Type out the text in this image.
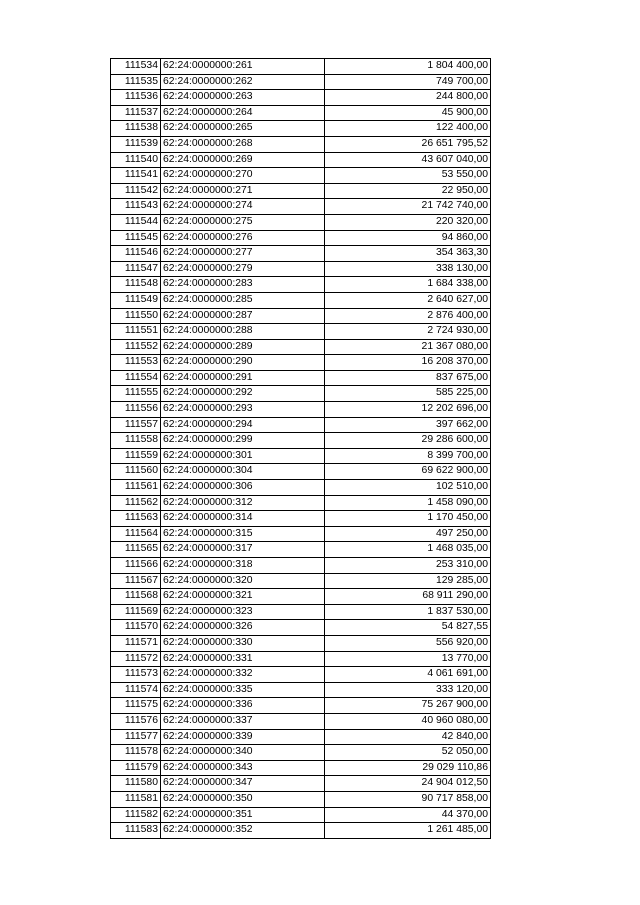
111534	62:24:0000000:261	1 804 400,00
111535	62:24:0000000:262	749 700,00
111536	62:24:0000000:263	244 800,00
111537	62:24:0000000:264	45 900,00
111538	62:24:0000000:265	122 400,00
111539	62:24:0000000:268	26 651 795,52
111540	62:24:0000000:269	43 607 040,00
111541	62:24:0000000:270	53 550,00
111542	62:24:0000000:271	22 950,00
111543	62:24:0000000:274	21 742 740,00
111544	62:24:0000000:275	220 320,00
111545	62:24:0000000:276	94 860,00
111546	62:24:0000000:277	354 363,30
111547	62:24:0000000:279	338 130,00
111548	62:24:0000000:283	1 684 338,00
111549	62:24:0000000:285	2 640 627,00
111550	62:24:0000000:287	2 876 400,00
111551	62:24:0000000:288	2 724 930,00
111552	62:24:0000000:289	21 367 080,00
111553	62:24:0000000:290	16 208 370,00
111554	62:24:0000000:291	837 675,00
111555	62:24:0000000:292	585 225,00
111556	62:24:0000000:293	12 202 696,00
111557	62:24:0000000:294	397 662,00
111558	62:24:0000000:299	29 286 600,00
111559	62:24:0000000:301	8 399 700,00
111560	62:24:0000000:304	69 622 900,00
111561	62:24:0000000:306	102 510,00
111562	62:24:0000000:312	1 458 090,00
111563	62:24:0000000:314	1 170 450,00
111564	62:24:0000000:315	497 250,00
111565	62:24:0000000:317	1 468 035,00
111566	62:24:0000000:318	253 310,00
111567	62:24:0000000:320	129 285,00
111568	62:24:0000000:321	68 911 290,00
111569	62:24:0000000:323	1 837 530,00
111570	62:24:0000000:326	54 827,55
111571	62:24:0000000:330	556 920,00
111572	62:24:0000000:331	13 770,00
111573	62:24:0000000:332	4 061 691,00
111574	62:24:0000000:335	333 120,00
111575	62:24:0000000:336	75 267 900,00
111576	62:24:0000000:337	40 960 080,00
111577	62:24:0000000:339	42 840,00
111578	62:24:0000000:340	52 050,00
111579	62:24:0000000:343	29 029 110,86
111580	62:24:0000000:347	24 904 012,50
111581	62:24:0000000:350	90 717 858,00
111582	62:24:0000000:351	44 370,00
111583	62:24:0000000:352	1 261 485,00
